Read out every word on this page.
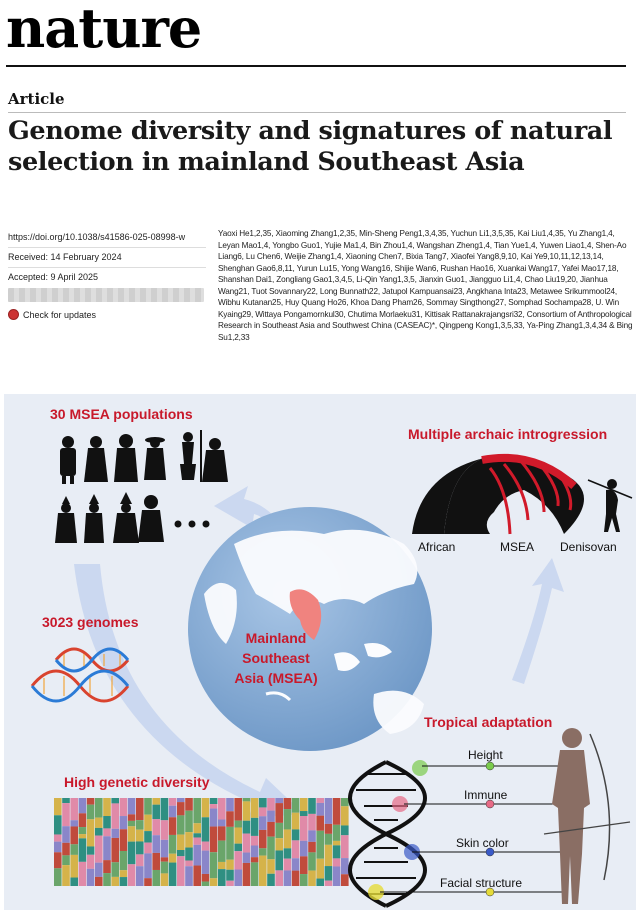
nature
Article
Genome diversity and signatures of natural selection in mainland Southeast Asia
https://doi.org/10.1038/s41586-025-08998-w
Received: 14 February 2024
Accepted: 9 April 2025
Check for updates
Yaoxi He1,2,35, Xiaoming Zhang1,2,35, Min-Sheng Peng1,3,4,35, Yuchun Li1,3,5,35, Kai Liu1,4,35, Yu Zhang1,4, Leyan Mao1,4, Yongbo Guo1, Yujie Ma1,4, Bin Zhou1,4, Wangshan Zheng1,4, Tian Yue1,4, Yuwen Liao1,4, Shen-Ao Liang6, Lu Chen6, Weijie Zhang1,4, Xiaoning Chen7, Bixia Tang7, Xiaofei Yang8,9,10, Kai Ye9,10,11,12,13,14, Shenghan Gao6,8,11, Yurun Lu15, Yong Wang16, Shijie Wan6, Rushan Hao16, Xuankai Wang17, Yafei Mao17,18, Shanshan Dai1, Zongliang Gao1,3,4,5, Li-Qin Yang1,3,5, Jianxin Guo1, Jiangguo Li1,4, Chao Liu19,20, Jianhua Wang21, Tuot Sovannary22, Long Bunnath22, Jatupol Kampuansai23, Angkhana Inta23, Metawee Srikummool24, Wibhu Kutanan25, Huy Quang Ho26, Khoa Dang Pham26, Sommay Singthong27, Somphad Sochampa28, U. Win Kyaing29, Wittaya Pongamornkul30, Chutima Morlaeku31, Kittisak Rattanakrajangsri32, Consortium of Anthropological Research in Southeast Asia and Southwest China (CASEAC)*, Qingpeng Kong1,3,5,33, Ya-Ping Zhang1,3,4,34 & Bing Su1,2,33
30 MSEA populations
Multiple archaic introgression
African	MSEA Denisovan
3023 genomes
Mainland
Southeast
Asia (MSEA)
Tropical adaptation
High genetic diversity
Height
Immune
Skin color
Facial structure
